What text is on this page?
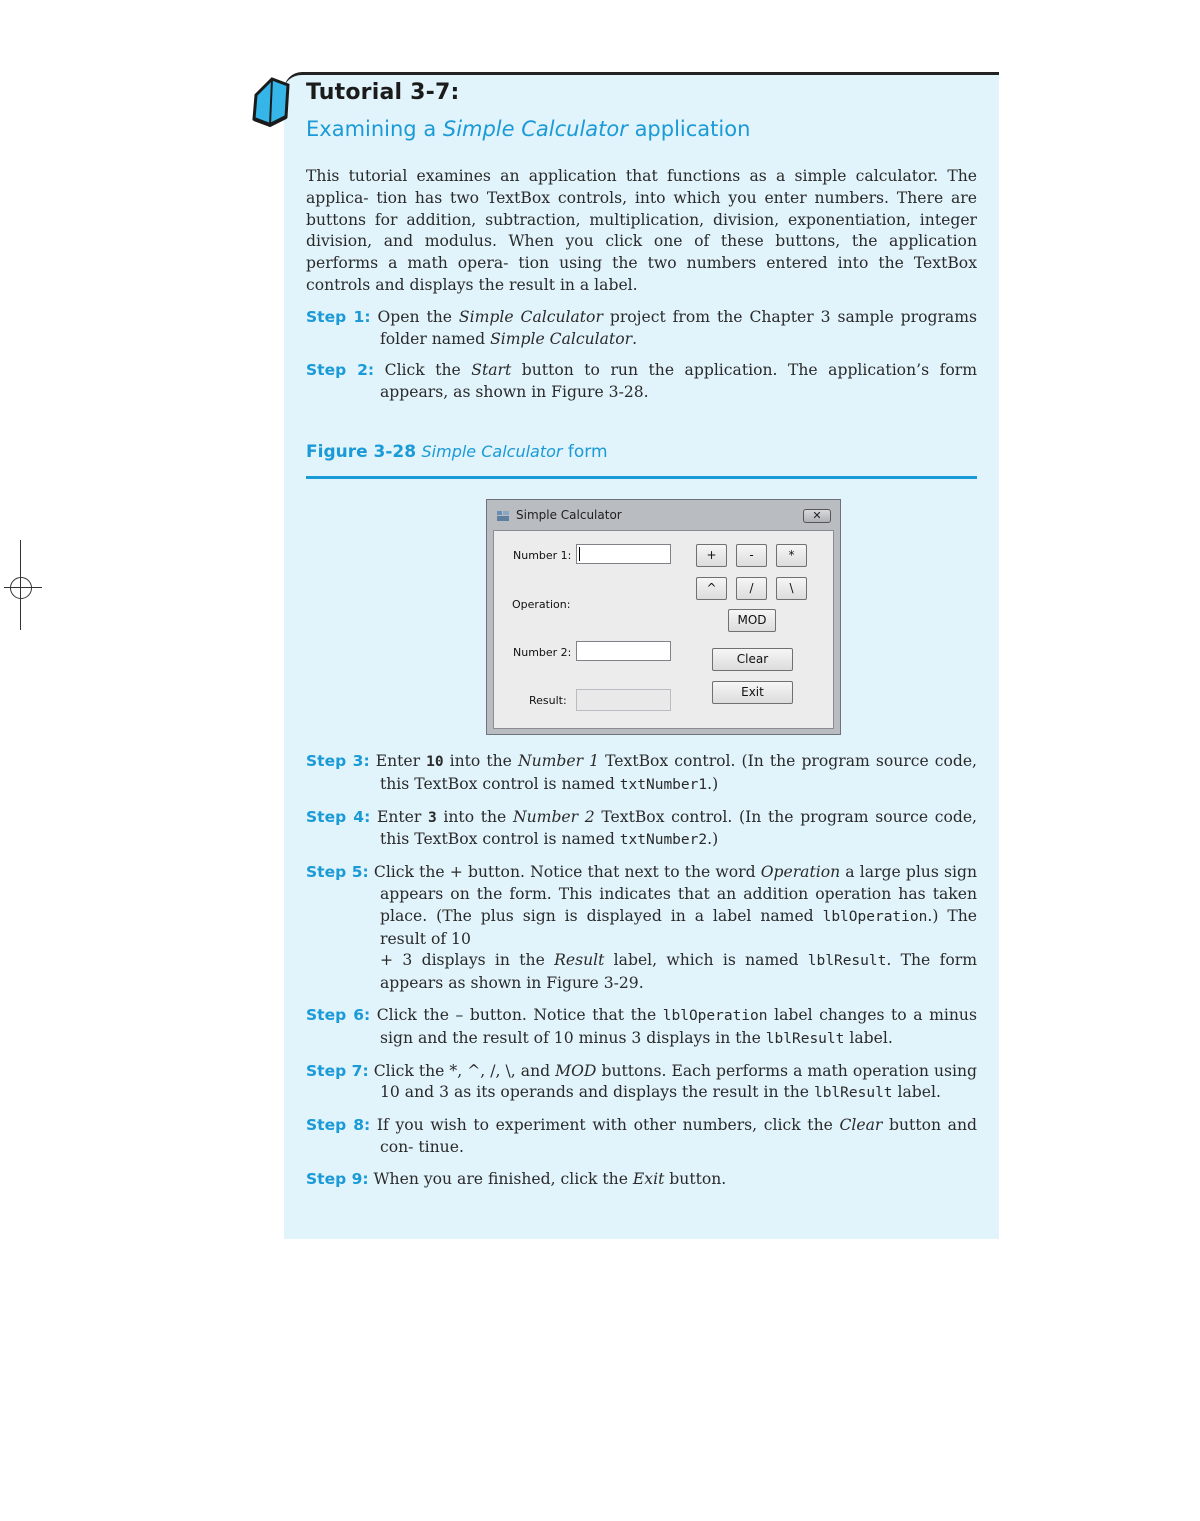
Tutorial 3-7:
Examining a Simple Calculator application

This tutorial examines an application that functions as a simple calculator. The applica- tion has two TextBox controls, into which you enter numbers. There are buttons for addition, subtraction, multiplication, division, exponentiation, integer division, and modulus. When you click one of these buttons, the application performs a math opera- tion using the two numbers entered into the TextBox controls and displays the result in a label.

Step 1: Open the Simple Calculator project from the Chapter 3 sample programs folder named Simple Calculator.

Step 2: Click the Start button to run the application. The application’s form appears, as shown in Figure 3-28.

Figure 3-28 Simple Calculator form
Simple Calculator	✕
Number 1:
Operation:
Number 2:
Result:
+	-	*
^	/	\
MOD
Clear
Exit

Step 3: Enter 10 into the Number 1 TextBox control. (In the program source code, this TextBox control is named txtNumber1.)

Step 4: Enter 3 into the Number 2 TextBox control. (In the program source code, this TextBox control is named txtNumber2.)

Step 5: Click the + button. Notice that next to the word Operation a large plus sign appears on the form. This indicates that an addition operation has taken place. (The plus sign is displayed in a label named lblOperation.) The result of 10
+ 3 displays in the Result label, which is named lblResult. The form appears as shown in Figure 3-29.

Step 6: Click the – button. Notice that the lblOperation label changes to a minus sign and the result of 10 minus 3 displays in the lblResult label.

Step 7: Click the *, ^, /, \, and MOD buttons. Each performs a math operation using 10 and 3 as its operands and displays the result in the lblResult label.

Step 8: If you wish to experiment with other numbers, click the Clear button and con- tinue.

Step 9: When you are finished, click the Exit button.
